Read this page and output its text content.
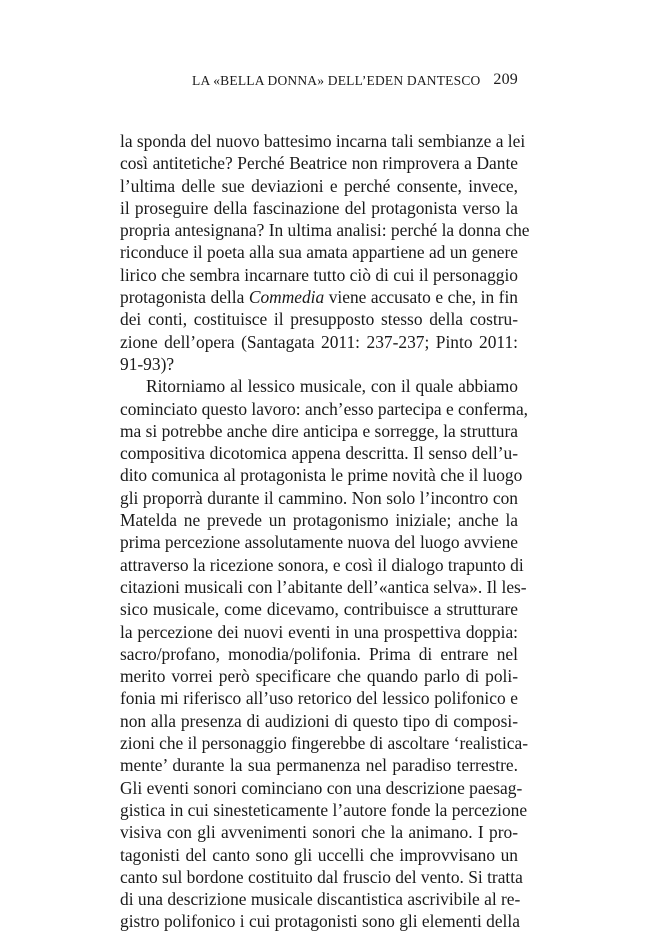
LA «BELLA DONNA» DELL’EDEN DANTESCO 209
la sponda del nuovo battesimo incarna tali sembianze a lei
così antitetiche? Perché Beatrice non rimprovera a Dante
l’ultima delle sue deviazioni e perché consente, invece,
il proseguire della fascinazione del protagonista verso la
propria antesignana? In ultima analisi: perché la donna che
riconduce il poeta alla sua amata appartiene ad un genere
lirico che sembra incarnare tutto ciò di cui il personaggio
protagonista della Commedia viene accusato e che, in fin
dei conti, costituisce il presupposto stesso della costru-
zione dell’opera (Santagata 2011: 237-237; Pinto 2011:
91-93)?
Ritorniamo al lessico musicale, con il quale abbiamo
cominciato questo lavoro: anch’esso partecipa e conferma,
ma si potrebbe anche dire anticipa e sorregge, la struttura
compositiva dicotomica appena descritta. Il senso dell’u-
dito comunica al protagonista le prime novità che il luogo
gli proporrà durante il cammino. Non solo l’incontro con
Matelda ne prevede un protagonismo iniziale; anche la
prima percezione assolutamente nuova del luogo avviene
attraverso la ricezione sonora, e così il dialogo trapunto di
citazioni musicali con l’abitante dell’«antica selva». Il les-
sico musicale, come dicevamo, contribuisce a strutturare
la percezione dei nuovi eventi in una prospettiva doppia:
sacro/profano, monodia/polifonia. Prima di entrare nel
merito vorrei però specificare che quando parlo di poli-
fonia mi riferisco all’uso retorico del lessico polifonico e
non alla presenza di audizioni di questo tipo di composi-
zioni che il personaggio fingerebbe di ascoltare ‘realistica-
mente’ durante la sua permanenza nel paradiso terrestre.
Gli eventi sonori cominciano con una descrizione paesag-
gistica in cui sinesteticamente l’autore fonde la percezione
visiva con gli avvenimenti sonori che la animano. I pro-
tagonisti del canto sono gli uccelli che improvvisano un
canto sul bordone costituito dal fruscio del vento. Si tratta
di una descrizione musicale discantistica ascrivibile al re-
gistro polifonico i cui protagonisti sono gli elementi della
